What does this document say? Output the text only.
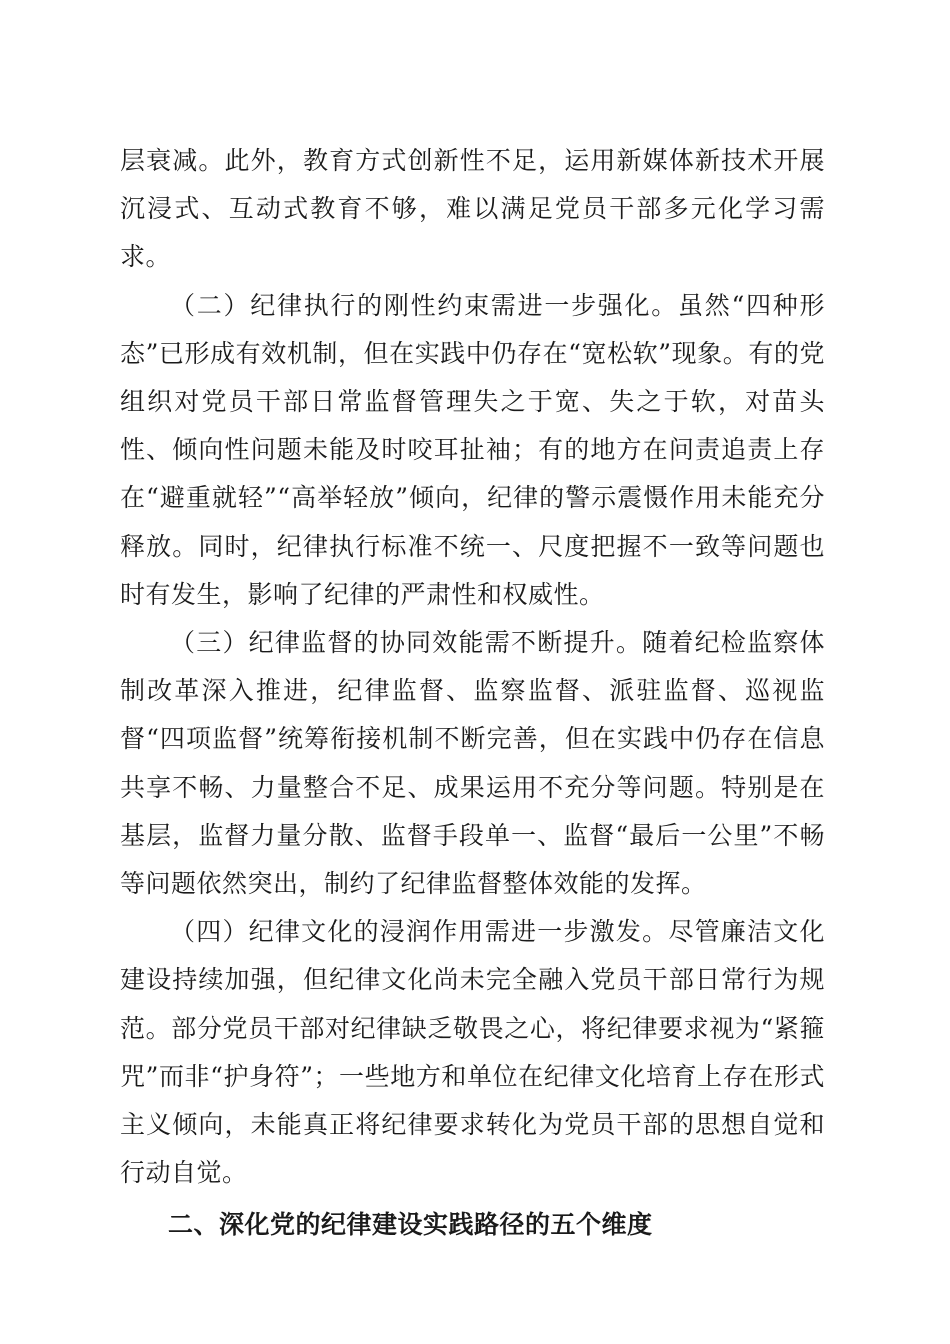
层衰减。此外，教育方式创新性不足，运用新媒体新技术开展沉浸式、互动式教育不够，难以满足党员干部多元化学习需求。

（二）纪律执行的刚性约束需进一步强化。虽然“四种形态”已形成有效机制，但在实践中仍存在“宽松软”现象。有的党组织对党员干部日常监督管理失之于宽、失之于软，对苗头性、倾向性问题未能及时咬耳扯袖；有的地方在问责追责上存在“避重就轻”“高举轻放”倾向，纪律的警示震慑作用未能充分释放。同时，纪律执行标准不统一、尺度把握不一致等问题也时有发生，影响了纪律的严肃性和权威性。

（三）纪律监督的协同效能需不断提升。随着纪检监察体制改革深入推进，纪律监督、监察监督、派驻监督、巡视监督“四项监督”统筹衔接机制不断完善，但在实践中仍存在信息共享不畅、力量整合不足、成果运用不充分等问题。特别是在基层，监督力量分散、监督手段单一、监督“最后一公里”不畅等问题依然突出，制约了纪律监督整体效能的发挥。

（四）纪律文化的浸润作用需进一步激发。尽管廉洁文化建设持续加强，但纪律文化尚未完全融入党员干部日常行为规范。部分党员干部对纪律缺乏敬畏之心，将纪律要求视为“紧箍咒”而非“护身符”；一些地方和单位在纪律文化培育上存在形式主义倾向，未能真正将纪律要求转化为党员干部的思想自觉和行动自觉。

二、深化党的纪律建设实践路径的五个维度
